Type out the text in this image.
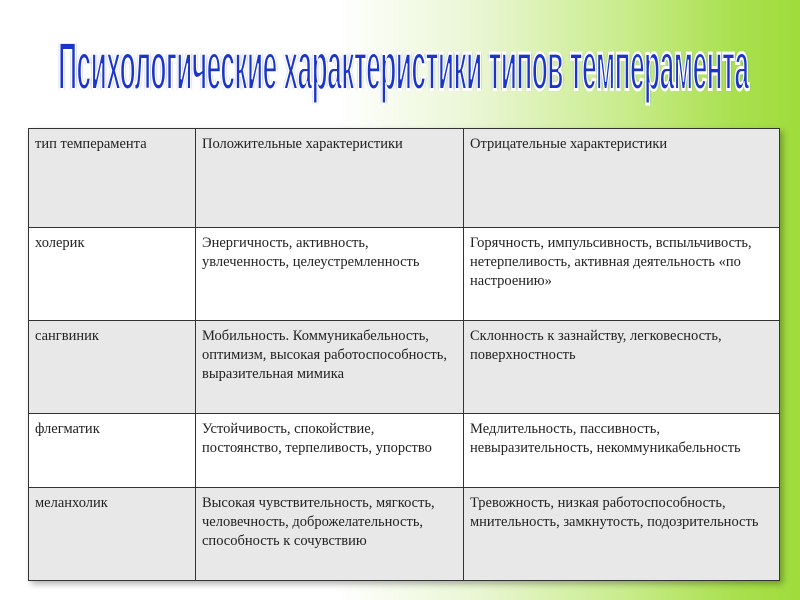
Психологические характеристики типов темперамента
тип темперамента	Положительные характеристики	Отрицательные характеристики
холерик	Энергичность, активность, увлеченность, целеустремленность	Горячность, импульсивность, вспыльчивость, нетерпеливость, активная деятельность «по настроению»
сангвиник	Мобильность. Коммуникабельность, оптимизм, высокая работоспособность, выразительная мимика	Склонность к зазнайству, легковесность, поверхностность
флегматик	Устойчивость, спокойствие, постоянство, терпеливость, упорство	Медлительность, пассивность, невыразительность, некоммуникабельность
меланхолик	Высокая чувствительность, мягкость, человечность, доброжелательность, способность к сочувствию	Тревожность, низкая работоспособность, мнительность, замкнутость, подозрительность
